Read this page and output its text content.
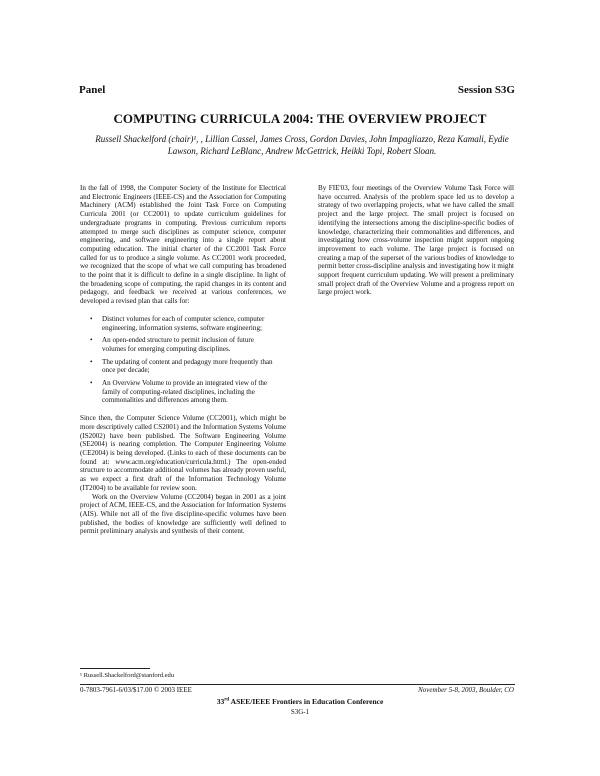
Panel	Session S3G
COMPUTING CURRICULA 2004: THE OVERVIEW PROJECT
Russell Shackelford (chair)¹, , Lillian Cassel, James Cross, Gordon Davies, John Impagliazzo, Reza Kamali, Eydie Lawson, Richard LeBlanc, Andrew McGettrick, Heikki Topi, Robert Sloan.

In the fall of 1998, the Computer Society of the Institute for Electrical and Electronic Engineers (IEEE-CS) and the Association for Computing Machinery (ACM) established the Joint Task Force on Computing Curricula 2001 (or CC2001) to update curriculum guidelines for undergraduate programs in computing. Previous curriculum reports attempted to merge such disciplines as computer science, computer engineering, and software engineering into a single report about computing education. The initial charter of the CC2001 Task Force called for us to produce a single volume. As CC2001 work proceeded, we recognized that the scope of what we call computing has broadened to the point that it is difficult to define in a single discipline. In light of the broadening scope of computing, the rapid changes in its content and pedagogy, and feedback we received at various conferences, we developed a revised plan that calls for:

• Distinct volumes for each of computer science, computer engineering, information systems, software engineering;
• An open-ended structure to permit inclusion of future volumes for emerging computing disciplines.
• The updating of content and pedagogy more frequently than once per decade;
• An Overview Volume to provide an integrated view of the family of computing-related disciplines, including the commonalities and differences among them.

Since then, the Computer Science Volume (CC2001), which might be more descriptively called CS2001) and the Information Systems Volume (IS2002) have been published. The Software Engineering Volume (SE2004) is nearing completion. The Computer Engineering Volume (CE2004) is being developed. (Links to each of these documents can be found at: www.acm.org/education/curricula.html.) The open-ended structure to accommodate additional volumes has already proven useful, as we expect a first draft of the Information Technology Volume (IT2004) to be available for review soon.

Work on the Overview Volume (CC2004) began in 2001 as a joint project of ACM, IEEE-CS, and the Association for Information Systems (AIS). While not all of the five discipline-specific volumes have been published, the bodies of knowledge are sufficiently well defined to permit preliminary analysis and synthesis of their content.

By FIE'03, four meetings of the Overview Volume Task Force will have occurred. Analysis of the problem space led us to develop a strategy of two overlapping projects, what we have called the small project and the large project. The small project is focused on identifying the intersections among the discipline-specific bodies of knowledge, characterizing their commonalities and differences, and investigating how cross-volume inspection might support ongoing improvement to each volume. The large project is focused on creating a map of the superset of the various bodies of knowledge to permit better cross-discipline analysis and investigating how it might support frequent curriculum updating. We will present a preliminary small project draft of the Overview Volume and a progress report on large project work.

¹ Russell.Shackelford@stanford.edu
0-7803-7961-6/03/$17.00 © 2003 IEEE	November 5-8, 2003, Boulder, CO
33rd ASEE/IEEE Frontiers in Education Conference
S3G-1
